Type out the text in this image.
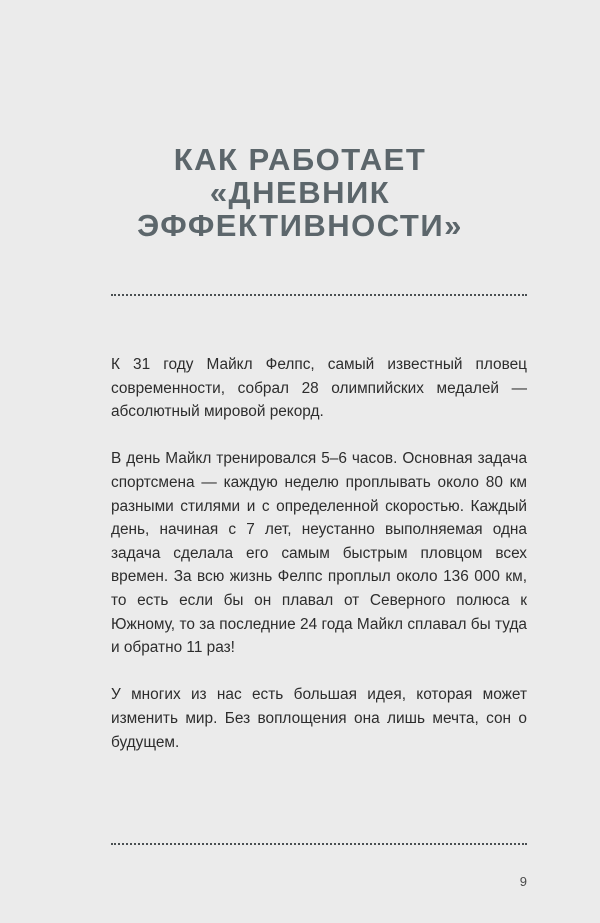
КАК РАБОТАЕТ
«ДНЕВНИК
ЭФФЕКТИВНОСТИ»

К 31 году Майкл Фелпс, самый известный пловец современности, собрал 28 олимпийских медалей — абсолютный мировой рекорд.

В день Майкл тренировался 5–6 часов. Основная задача спортсмена — каждую неделю проплывать около 80 км разными стилями и с определенной скоростью. Каждый день, начиная с 7 лет, неустанно выполняемая одна задача сделала его самым быстрым пловцом всех времен. За всю жизнь Фелпс проплыл около 136 000 км, то есть если бы он плавал от Северного полюса к Южному, то за последние 24 года Майкл сплавал бы туда и обратно 11 раз!

У многих из нас есть большая идея, которая может изменить мир. Без воплощения она лишь мечта, сон о будущем.

9
